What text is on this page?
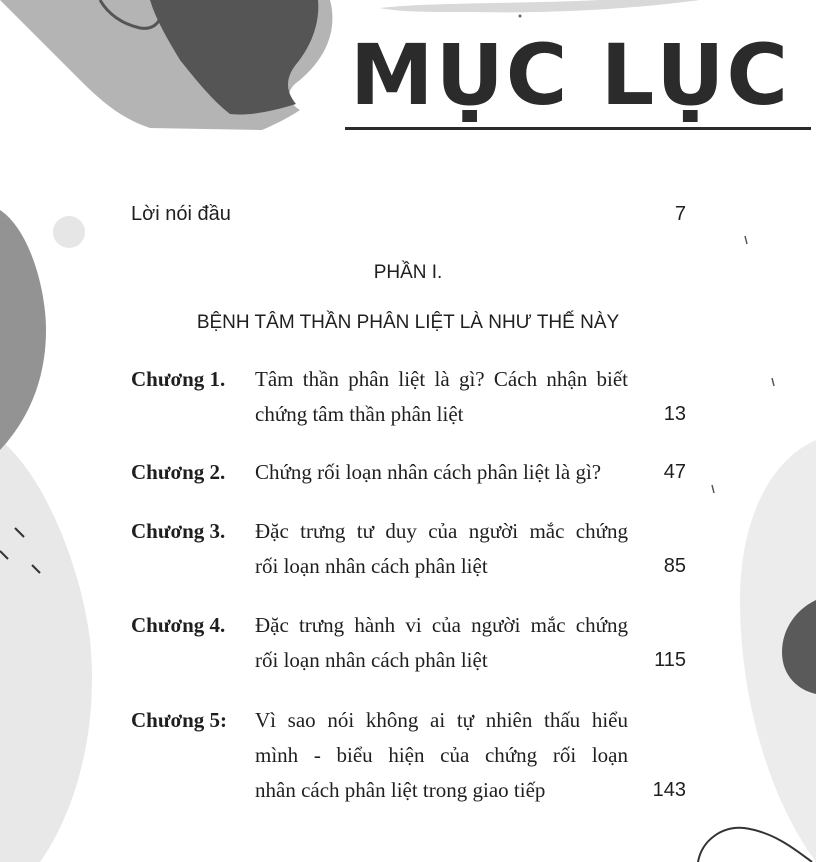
MỤC LỤC
Lời nói đầu	7
PHẦN I.
BỆNH TÂM THẦN PHÂN LIỆT LÀ NHƯ THẾ NÀY
Chương 1. Tâm thần phân liệt là gì? Cách nhận biết
chứng tâm thần phân liệt	13
Chương 2. Chứng rối loạn nhân cách phân liệt là gì?	47
Chương 3. Đặc trưng tư duy của người mắc chứng
rối loạn nhân cách phân liệt	85
Chương 4. Đặc trưng hành vi của người mắc chứng
rối loạn nhân cách phân liệt	115
Chương 5: Vì sao nói không ai tự nhiên thấu hiểu
mình - biểu hiện của chứng rối loạn
nhân cách phân liệt trong giao tiếp	143
